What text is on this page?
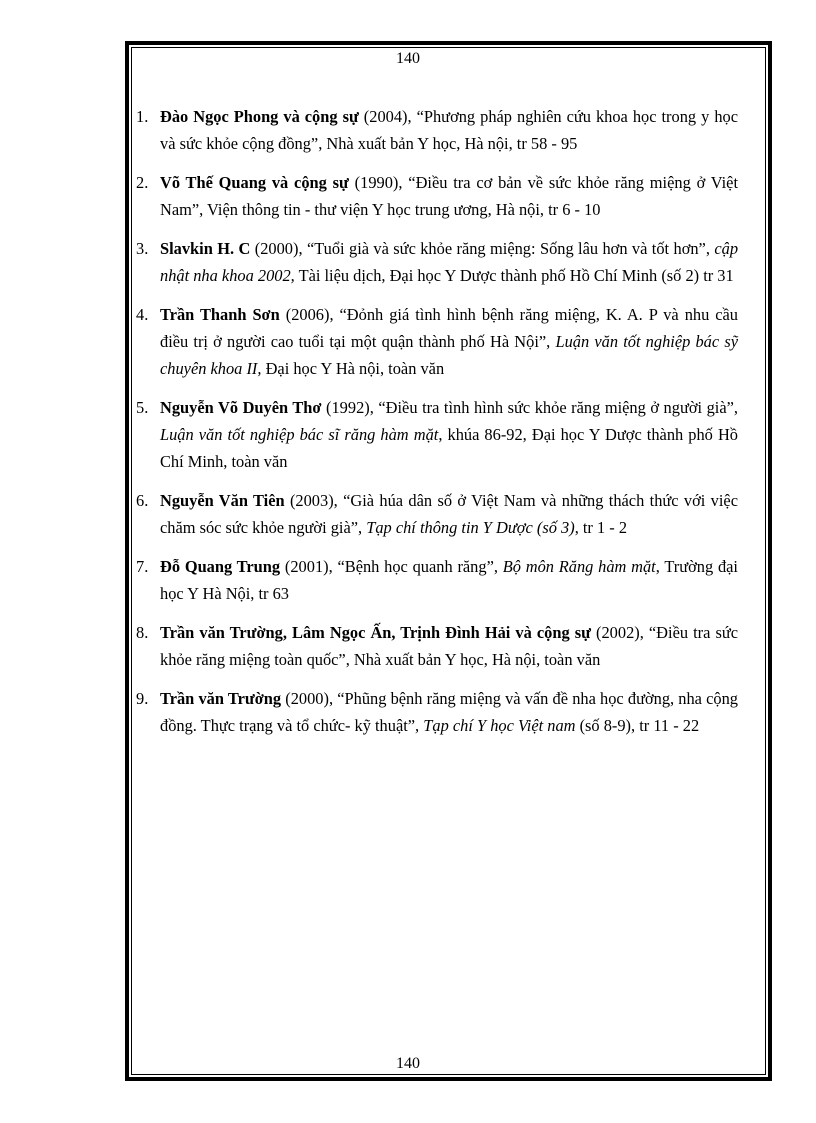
140
1. Đào Ngọc Phong và cộng sự (2004), “Phương pháp nghiên cứu khoa học trong y học và sức khỏe cộng đồng”, Nhà xuất bản Y học, Hà nội, tr 58 - 95
2. Võ Thế Quang và cộng sự (1990), “Điều tra cơ bản về sức khỏe răng miệng ở Việt Nam”, Viện thông tin - thư viện Y học trung ương, Hà nội, tr 6 - 10
3. Slavkin H. C (2000), “Tuổi già và sức khỏe răng miệng: Sống lâu hơn và tốt hơn”, cập nhật nha khoa 2002, Tài liệu dịch, Đại học Y Dược thành phố Hồ Chí Minh (số 2) tr 31
4. Trần Thanh Sơn (2006), “Đỏnh giá tình hình bệnh răng miệng, K. A. P và nhu cầu điều trị ở người cao tuổi tại một quận thành phố Hà Nội”, Luận văn tốt nghiệp bác sỹ chuyên khoa II, Đại học Y Hà nội, toàn văn
5. Nguyễn Võ Duyên Thơ (1992), “Điều tra tình hình sức khỏe răng miệng ở người già”, Luận văn tốt nghiệp bác sĩ răng hàm mặt, khúa 86-92, Đại học Y Dược thành phố Hồ Chí Minh, toàn văn
6. Nguyễn Văn Tiên (2003), “Già húa dân số ở Việt Nam và những thách thức với việc chăm sóc sức khỏe người già”, Tạp chí thông tin Y Dược (số 3), tr 1 - 2
7. Đỗ Quang Trung (2001), “Bệnh học quanh răng”, Bộ môn Răng hàm mặt, Trường đại học Y Hà Nội, tr 63
8. Trần văn Trường, Lâm Ngọc Ấn, Trịnh Đình Hải và cộng sự (2002), “Điều tra sức khỏe răng miệng toàn quốc”, Nhà xuất bản Y học, Hà nội, toàn văn
9. Trần văn Trường (2000), “Phũng bệnh răng miệng và vấn đề nha học đường, nha cộng đồng. Thực trạng và tổ chức- kỹ thuật”, Tạp chí Y học Việt nam (số 8-9), tr 11 - 22
140
